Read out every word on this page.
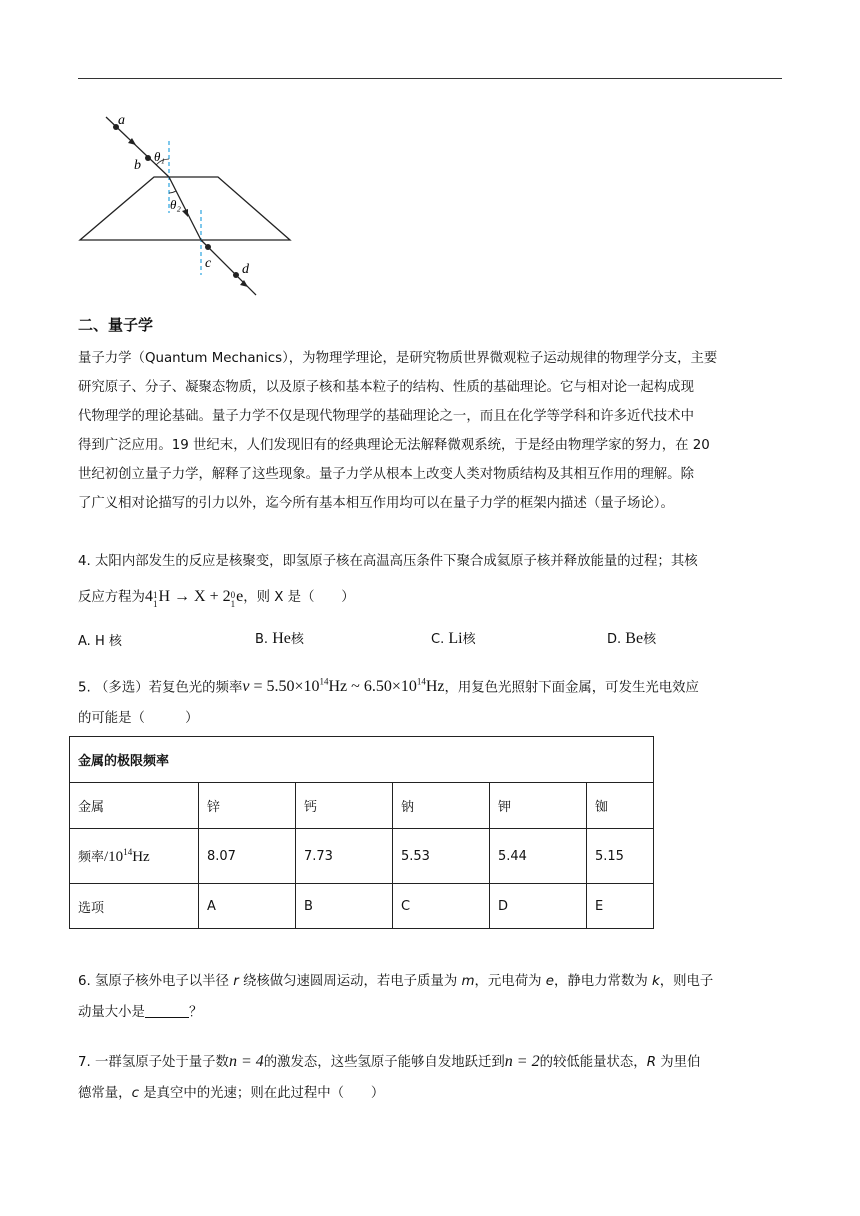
a
b
θ₁
θ₂
c d
二、量子学
量子力学（Quantum Mechanics），为物理学理论，是研究物质世界微观粒子运动规律的物理学分支，主要
研究原子、分子、凝聚态物质，以及原子核和基本粒子的结构、性质的基础理论。它与相对论一起构成现
代物理学的理论基础。量子力学不仅是现代物理学的基础理论之一，而且在化学等学科和许多近代技术中
得到广泛应用。19 世纪末，人们发现旧有的经典理论无法解释微观系统，于是经由物理学家的努力，在 20
世纪初创立量子力学，解释了这些现象。量子力学从根本上改变人类对物质结构及其相互作用的理解。除
了广义相对论描写的引力以外，迄今所有基本相互作用均可以在量子力学的框架内描述（量子场论）。
4. 太阳内部发生的反应是核聚变，即氢原子核在高温高压条件下聚合成氦原子核并释放能量的过程；其核
反应方程为4 1
1 H → X + 2 0
1 e，则 X 是（　　）
A. H 核	B. He核	C. Li核	D. Be核
5. （多选）若复色光的频率$v = 5.50\times 10^{14}Hz$ ~ $6.50\times 10^{14}Hz$，用复色光照射下面金属，可发生光电效应
的可能是（　　　）
金属的极限频率					
金属	锌	钙	钠	钾	铷
频率$/10^{14}Hz$	8.07	7.73	5.53	5.44	5.15
选项	A	B	C	D	E
6. 氢原子核外电子以半径 r 绕核做匀速圆周运动，若电子质量为 m，元电荷为 e，静电力常数为 k，则电子
动量大小是	？
7. 一群氢原子处于量子数n = 4的激发态，这些氢原子能够自发地跃迁到n = 2的较低能量状态，R 为里伯
德常量，c 是真空中的光速；则在此过程中（　　）
